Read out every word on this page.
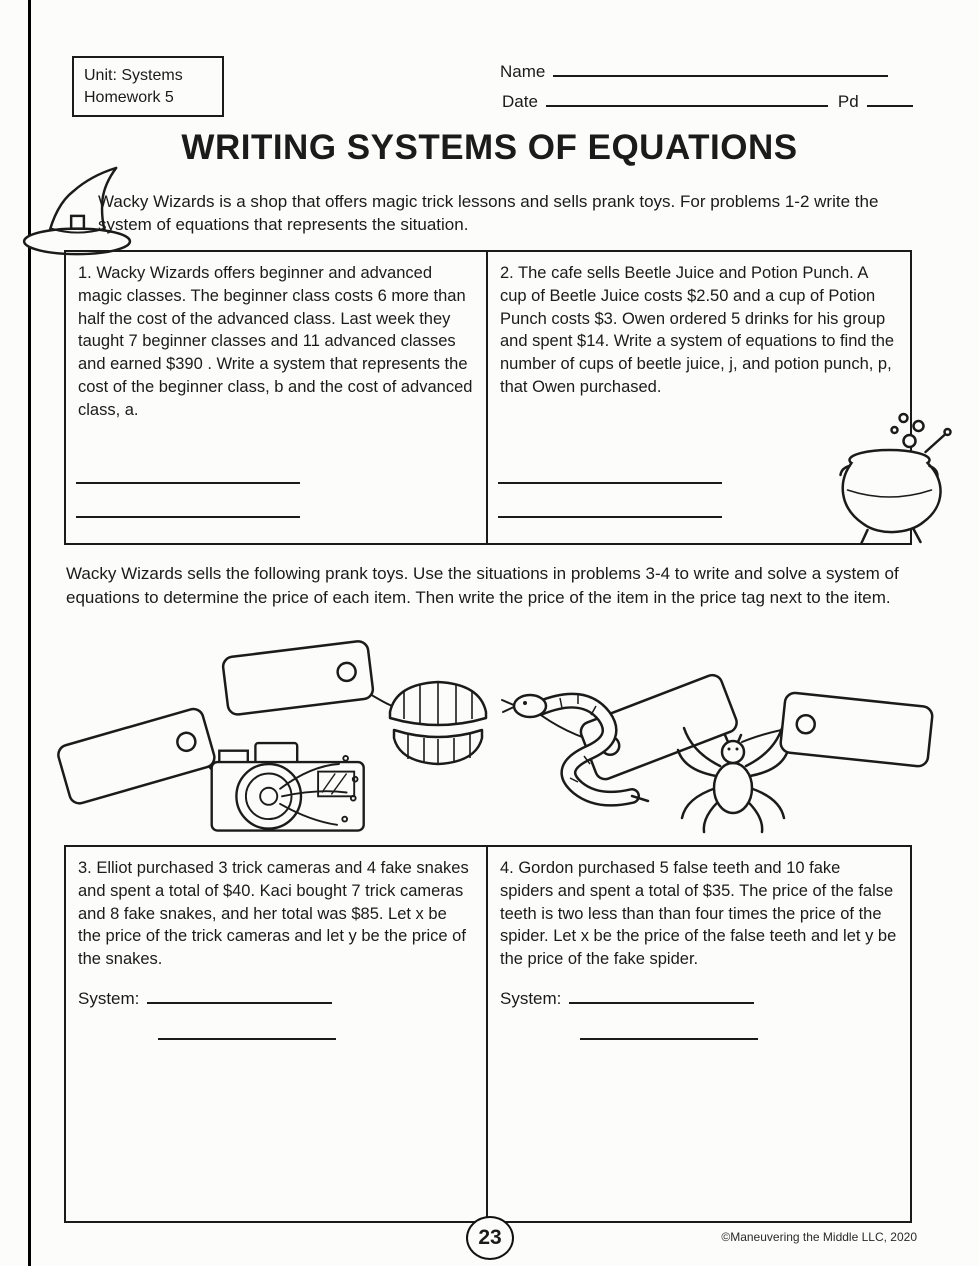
Unit: Systems
Homework 5
Name
Date	Pd
WRITING SYSTEMS OF EQUATIONS
Wacky Wizards is a shop that offers magic trick lessons and sells prank toys. For problems 1-2 write the system of equations that represents the situation.
1. Wacky Wizards offers beginner and advanced magic classes. The beginner class costs 6 more than half the cost of the advanced class. Last week they taught 7 beginner classes and 11 advanced classes and earned $390 . Write a system that represents the cost of the beginner class, b and the cost of advanced class, a.
2. The cafe sells Beetle Juice and Potion Punch. A cup of Beetle Juice costs $2.50 and a cup of Potion Punch costs $3. Owen ordered 5 drinks for his group and spent $14. Write a system of equations to find the number of cups of beetle juice, j, and potion punch, p, that Owen purchased.
Wacky Wizards sells the following prank toys. Use the situations in problems 3-4 to write and solve a system of equations to determine the price of each item. Then write the price of the item in the price tag next to the item.
3. Elliot purchased 3 trick cameras and 4 fake snakes and spent a total of $40. Kaci bought 7 trick cameras and 8 fake snakes, and her total was $85. Let x be the price of the trick cameras and let y be the price of the snakes.
System:
4. Gordon purchased 5 false teeth and 10 fake spiders and spent a total of $35. The price of the false teeth is two less than than four times the price of the spider. Let x be the price of the false teeth and let y be the price of the fake spider.
System:
23	©Maneuvering the Middle LLC, 2020
